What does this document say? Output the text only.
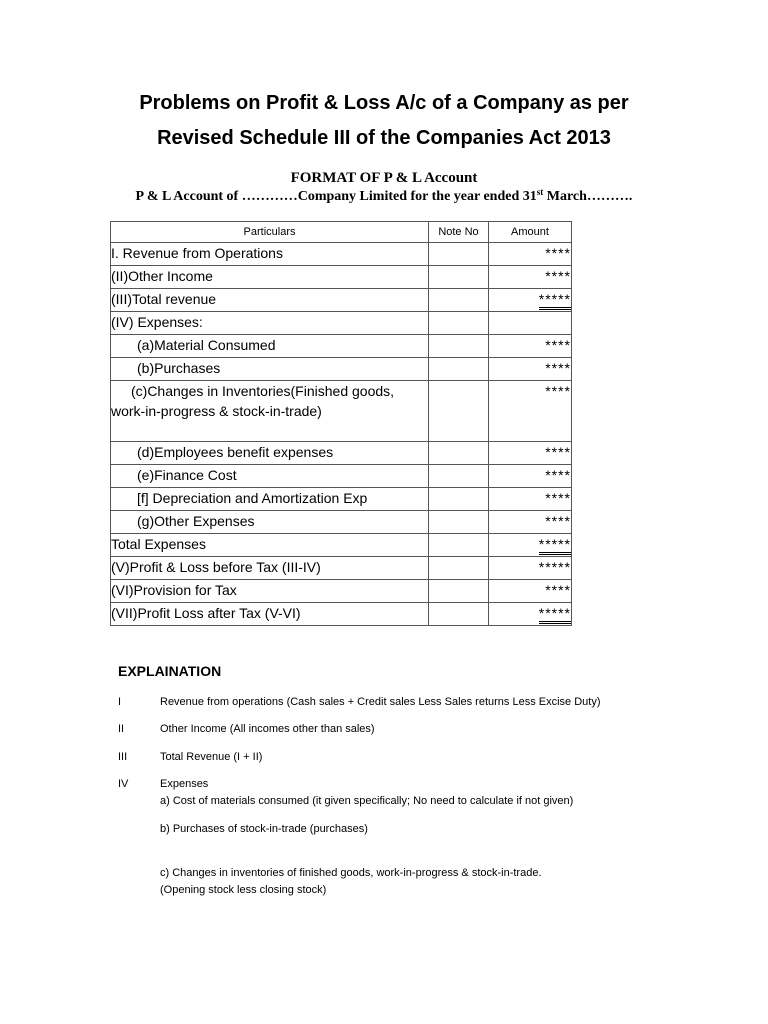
Problems on Profit & Loss A/c of a Company as per
Revised Schedule III of the Companies Act 2013
FORMAT OF P & L Account
P & L Account of …………Company Limited for the year ended 31st March……….
Particulars	Note No	Amount
I. Revenue from Operations		****
(II)Other Income		****
(III)Total revenue		*****
(IV) Expenses:		
(a)Material Consumed		****
(b)Purchases		****

(c)Changes in Inventories(Finished goods,
work-in-progress & stock-in-trade)		****
(d)Employees benefit expenses		****
(e)Finance Cost		****
[f] Depreciation and Amortization Exp		****
(g)Other Expenses		****
Total Expenses		*****
(V)Profit & Loss before Tax (III-IV)		*****
(VI)Provision for Tax		****
(VII)Profit Loss after Tax (V-VI)		*****
EXPLAINATION
I	Revenue from operations (Cash sales + Credit sales Less Sales returns Less Excise Duty)
II	Other Income (All incomes other than sales)
III	Total Revenue (I + II)
IV	Expenses
a) Cost of materials consumed (it given specifically; No need to calculate if not given)
b) Purchases of stock-in-trade (purchases)
c) Changes in inventories of finished goods, work-in-progress & stock-in-trade.
(Opening stock less closing stock)
